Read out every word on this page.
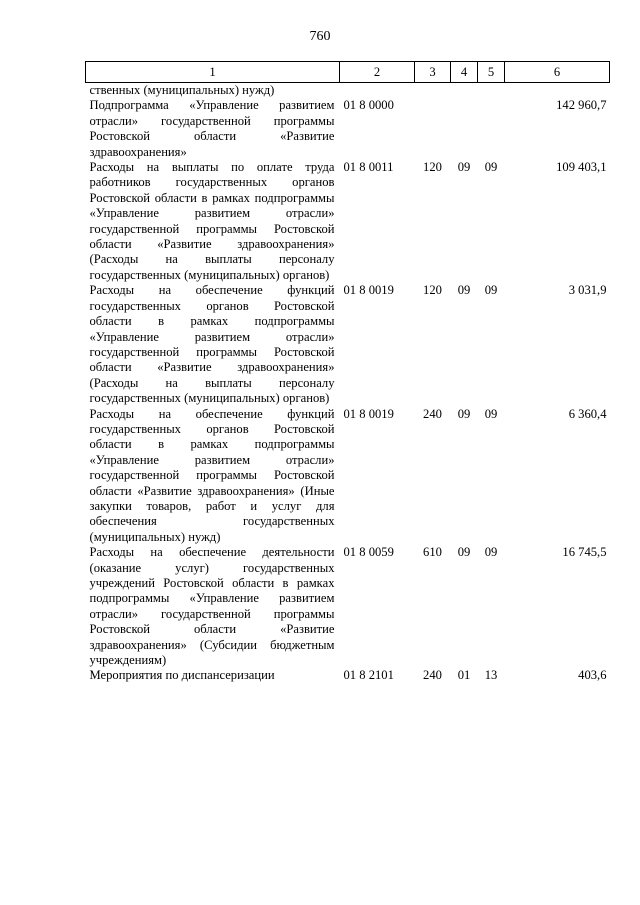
760
1	2	3	4	5	6
ственных (муниципальных) нужд)					
Подпрограмма «Управление развитием отрасли» государственной программы Ростовской области «Развитие здравоохранения»	01 8 0000				142 960,7
Расходы на выплаты по оплате труда работников государственных органов Ростовской области в рамках подпрограммы «Управление развитием отрасли» государственной программы Ростовской области «Развитие здравоохранения» (Расходы на выплаты персоналу государственных (муниципальных) органов)	01 8 0011	120	09	09	109 403,1
Расходы на обеспечение функций государственных органов Ростовской области в рамках подпрограммы «Управление развитием отрасли» государственной программы Ростовской области «Развитие здравоохранения» (Расходы на выплаты персоналу государственных (муниципальных) органов)	01 8 0019	120	09	09	3 031,9
Расходы на обеспечение функций государственных органов Ростовской области в рамках подпрограммы «Управление развитием отрасли» государственной программы Ростовской области «Развитие здравоохранения» (Иные закупки товаров, работ и услуг для обеспечения государственных (муниципальных) нужд)	01 8 0019	240	09	09	6 360,4
Расходы на обеспечение деятельности (оказание услуг) государственных учреждений Ростовской области в рамках подпрограммы «Управление развитием отрасли» государственной программы Ростовской области «Развитие здравоохранения» (Субсидии бюджетным учреждениям)	01 8 0059	610	09	09	16 745,5
Мероприятия по диспансеризации	01 8 2101	240	01	13	403,6
